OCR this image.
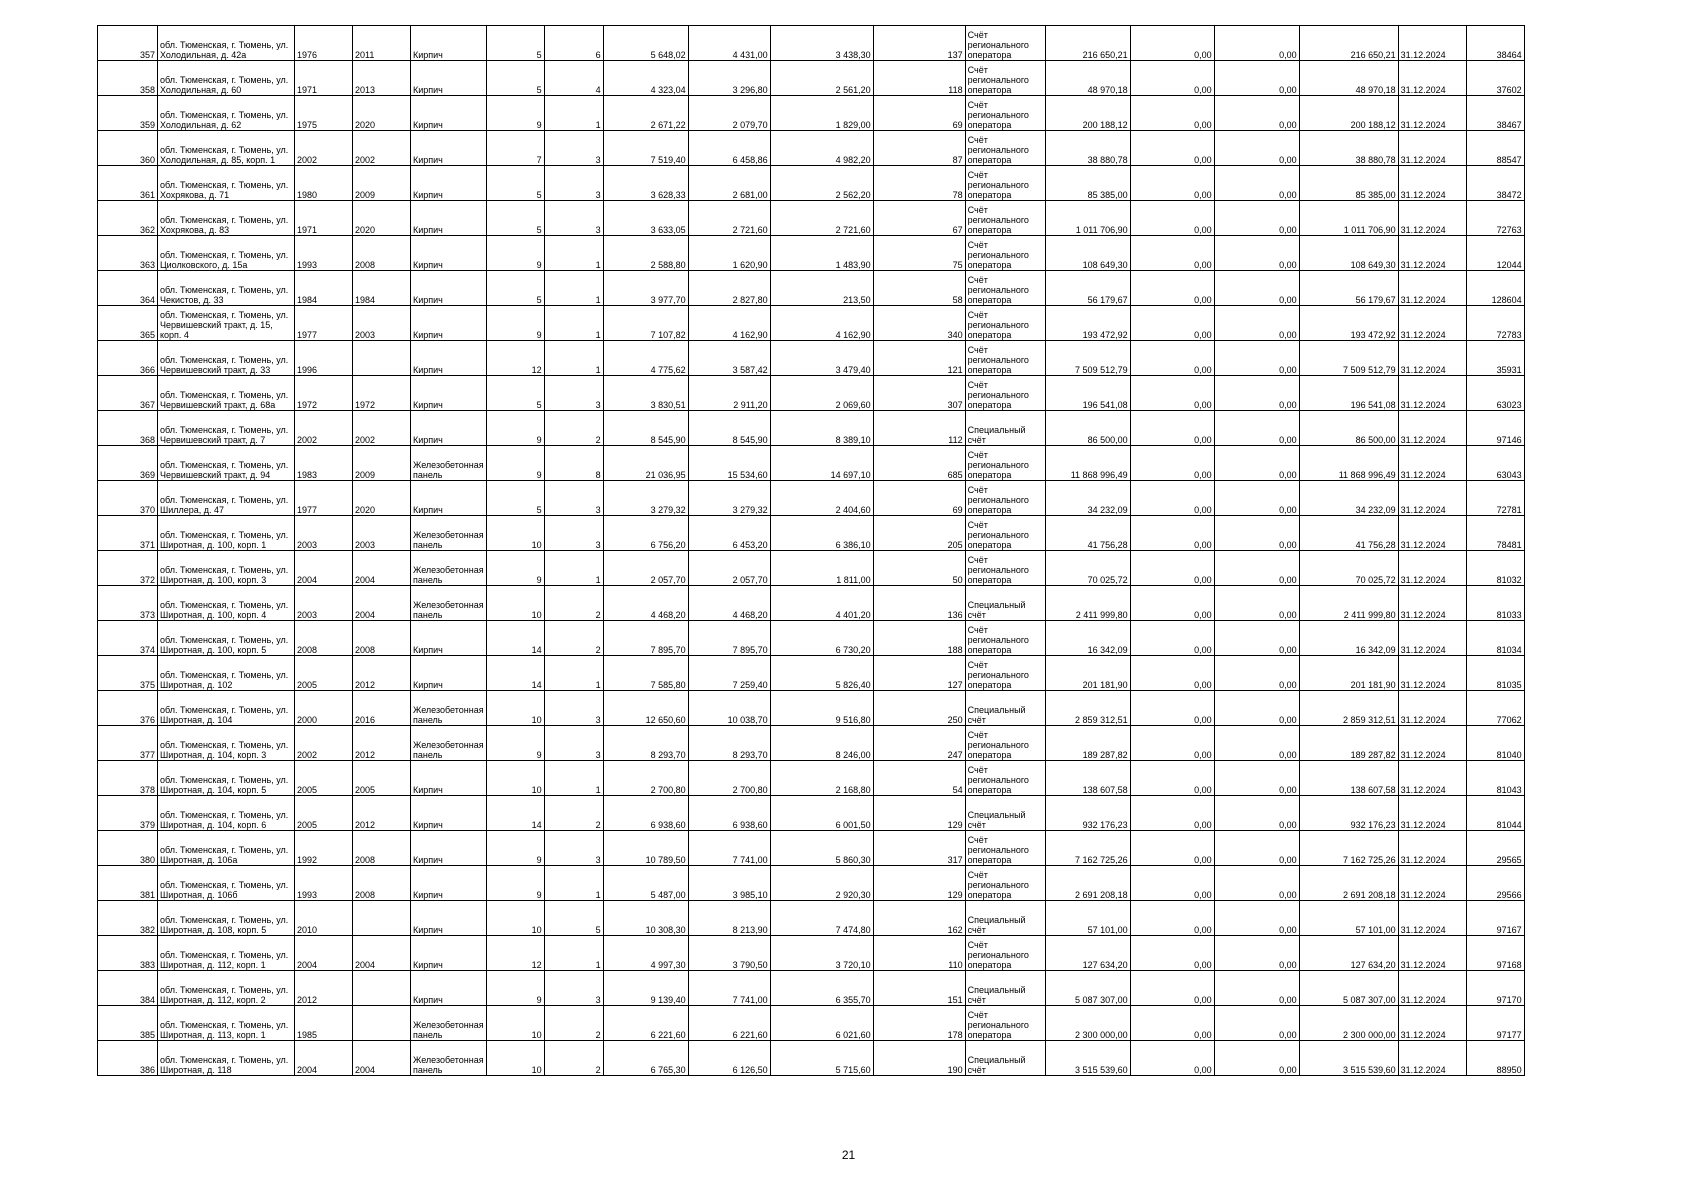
357	обл. Тюменская, г. Тюмень, ул. Холодильная, д. 42а	1976	2011	Кирпич	5	6	5 648,02	4 431,00	3 438,30	137	Счёт регионального оператора	216 650,21	0,00	0,00	216 650,21	31.12.2024	38464
358	обл. Тюменская, г. Тюмень, ул. Холодильная, д. 60	1971	2013	Кирпич	5	4	4 323,04	3 296,80	2 561,20	118	Счёт регионального оператора	48 970,18	0,00	0,00	48 970,18	31.12.2024	37602
359	обл. Тюменская, г. Тюмень, ул. Холодильная, д. 62	1975	2020	Кирпич	9	1	2 671,22	2 079,70	1 829,00	69	Счёт регионального оператора	200 188,12	0,00	0,00	200 188,12	31.12.2024	38467
360	обл. Тюменская, г. Тюмень, ул. Холодильная, д. 85, корп. 1	2002	2002	Кирпич	7	3	7 519,40	6 458,86	4 982,20	87	Счёт регионального оператора	38 880,78	0,00	0,00	38 880,78	31.12.2024	88547
361	обл. Тюменская, г. Тюмень, ул. Хохрякова, д. 71	1980	2009	Кирпич	5	3	3 628,33	2 681,00	2 562,20	78	Счёт регионального оператора	85 385,00	0,00	0,00	85 385,00	31.12.2024	38472
362	обл. Тюменская, г. Тюмень, ул. Хохрякова, д. 83	1971	2020	Кирпич	5	3	3 633,05	2 721,60	2 721,60	67	Счёт регионального оператора	1 011 706,90	0,00	0,00	1 011 706,90	31.12.2024	72763
363	обл. Тюменская, г. Тюмень, ул. Циолковского, д. 15а	1993	2008	Кирпич	9	1	2 588,80	1 620,90	1 483,90	75	Счёт регионального оператора	108 649,30	0,00	0,00	108 649,30	31.12.2024	12044
364	обл. Тюменская, г. Тюмень, ул. Чекистов, д. 33	1984	1984	Кирпич	5	1	3 977,70	2 827,80	213,50	58	Счёт регионального оператора	56 179,67	0,00	0,00	56 179,67	31.12.2024	128604
365	обл. Тюменская, г. Тюмень, ул. Червишевский тракт, д. 15, корп. 4	1977	2003	Кирпич	9	1	7 107,82	4 162,90	4 162,90	340	Счёт регионального оператора	193 472,92	0,00	0,00	193 472,92	31.12.2024	72783
366	обл. Тюменская, г. Тюмень, ул. Червишевский тракт, д. 33	1996		Кирпич	12	1	4 775,62	3 587,42	3 479,40	121	Счёт регионального оператора	7 509 512,79	0,00	0,00	7 509 512,79	31.12.2024	35931
367	обл. Тюменская, г. Тюмень, ул. Червишевский тракт, д. 68а	1972	1972	Кирпич	5	3	3 830,51	2 911,20	2 069,60	307	Счёт регионального оператора	196 541,08	0,00	0,00	196 541,08	31.12.2024	63023
368	обл. Тюменская, г. Тюмень, ул. Червишевский тракт, д. 7	2002	2002	Кирпич	9	2	8 545,90	8 545,90	8 389,10	112	Специальный счёт	86 500,00	0,00	0,00	86 500,00	31.12.2024	97146
369	обл. Тюменская, г. Тюмень, ул. Червишевский тракт, д. 94	1983	2009	Железобетонная панель	9	8	21 036,95	15 534,60	14 697,10	685	Счёт регионального оператора	11 868 996,49	0,00	0,00	11 868 996,49	31.12.2024	63043
370	обл. Тюменская, г. Тюмень, ул. Шиллера, д. 47	1977	2020	Кирпич	5	3	3 279,32	3 279,32	2 404,60	69	Счёт регионального оператора	34 232,09	0,00	0,00	34 232,09	31.12.2024	72781
371	обл. Тюменская, г. Тюмень, ул. Широтная, д. 100, корп. 1	2003	2003	Железобетонная панель	10	3	6 756,20	6 453,20	6 386,10	205	Счёт регионального оператора	41 756,28	0,00	0,00	41 756,28	31.12.2024	78481
372	обл. Тюменская, г. Тюмень, ул. Широтная, д. 100, корп. 3	2004	2004	Железобетонная панель	9	1	2 057,70	2 057,70	1 811,00	50	Счёт регионального оператора	70 025,72	0,00	0,00	70 025,72	31.12.2024	81032
373	обл. Тюменская, г. Тюмень, ул. Широтная, д. 100, корп. 4	2003	2004	Железобетонная панель	10	2	4 468,20	4 468,20	4 401,20	136	Специальный счёт	2 411 999,80	0,00	0,00	2 411 999,80	31.12.2024	81033
374	обл. Тюменская, г. Тюмень, ул. Широтная, д. 100, корп. 5	2008	2008	Кирпич	14	2	7 895,70	7 895,70	6 730,20	188	Счёт регионального оператора	16 342,09	0,00	0,00	16 342,09	31.12.2024	81034
375	обл. Тюменская, г. Тюмень, ул. Широтная, д. 102	2005	2012	Кирпич	14	1	7 585,80	7 259,40	5 826,40	127	Счёт регионального оператора	201 181,90	0,00	0,00	201 181,90	31.12.2024	81035
376	обл. Тюменская, г. Тюмень, ул. Широтная, д. 104	2000	2016	Железобетонная панель	10	3	12 650,60	10 038,70	9 516,80	250	Специальный счёт	2 859 312,51	0,00	0,00	2 859 312,51	31.12.2024	77062
377	обл. Тюменская, г. Тюмень, ул. Широтная, д. 104, корп. 3	2002	2012	Железобетонная панель	9	3	8 293,70	8 293,70	8 246,00	247	Счёт регионального оператора	189 287,82	0,00	0,00	189 287,82	31.12.2024	81040
378	обл. Тюменская, г. Тюмень, ул. Широтная, д. 104, корп. 5	2005	2005	Кирпич	10	1	2 700,80	2 700,80	2 168,80	54	Счёт регионального оператора	138 607,58	0,00	0,00	138 607,58	31.12.2024	81043
379	обл. Тюменская, г. Тюмень, ул. Широтная, д. 104, корп. 6	2005	2012	Кирпич	14	2	6 938,60	6 938,60	6 001,50	129	Специальный счёт	932 176,23	0,00	0,00	932 176,23	31.12.2024	81044
380	обл. Тюменская, г. Тюмень, ул. Широтная, д. 106а	1992	2008	Кирпич	9	3	10 789,50	7 741,00	5 860,30	317	Счёт регионального оператора	7 162 725,26	0,00	0,00	7 162 725,26	31.12.2024	29565
381	обл. Тюменская, г. Тюмень, ул. Широтная, д. 106б	1993	2008	Кирпич	9	1	5 487,00	3 985,10	2 920,30	129	Счёт регионального оператора	2 691 208,18	0,00	0,00	2 691 208,18	31.12.2024	29566
382	обл. Тюменская, г. Тюмень, ул. Широтная, д. 108, корп. 5	2010		Кирпич	10	5	10 308,30	8 213,90	7 474,80	162	Специальный счёт	57 101,00	0,00	0,00	57 101,00	31.12.2024	97167
383	обл. Тюменская, г. Тюмень, ул. Широтная, д. 112, корп. 1	2004	2004	Кирпич	12	1	4 997,30	3 790,50	3 720,10	110	Счёт регионального оператора	127 634,20	0,00	0,00	127 634,20	31.12.2024	97168
384	обл. Тюменская, г. Тюмень, ул. Широтная, д. 112, корп. 2	2012		Кирпич	9	3	9 139,40	7 741,00	6 355,70	151	Специальный счёт	5 087 307,00	0,00	0,00	5 087 307,00	31.12.2024	97170
385	обл. Тюменская, г. Тюмень, ул. Широтная, д. 113, корп. 1	1985		Железобетонная панель	10	2	6 221,60	6 221,60	6 021,60	178	Счёт регионального оператора	2 300 000,00	0,00	0,00	2 300 000,00	31.12.2024	97177
386	обл. Тюменская, г. Тюмень, ул. Широтная, д. 118	2004	2004	Железобетонная панель	10	2	6 765,30	6 126,50	5 715,60	190	Специальный счёт	3 515 539,60	0,00	0,00	3 515 539,60	31.12.2024	88950
21
